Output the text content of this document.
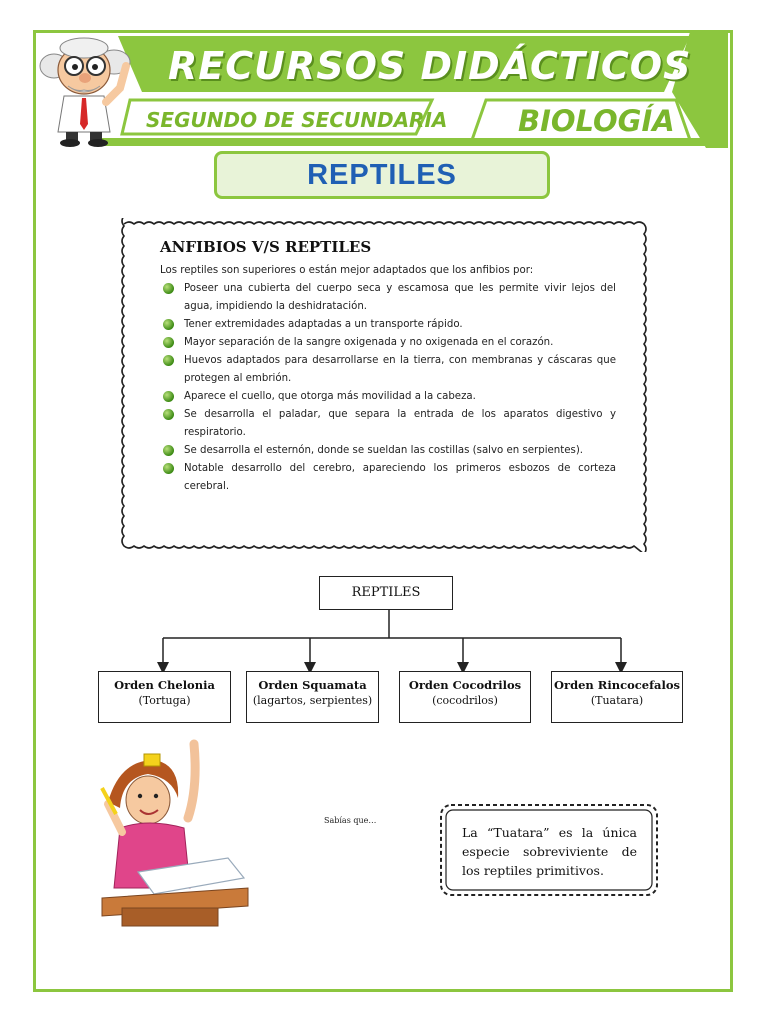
RECURSOS DIDÁCTICOS
SEGUNDO DE SECUNDARIA BIOLOGÍA
REPTILES
ANFIBIOS V/S REPTILES
Los reptiles son superiores o están mejor adaptados que los anfibios por:
Poseer una cubierta del cuerpo seca y escamosa que les permite vivir lejos del agua, impidiendo la deshidratación.
Tener extremidades adaptadas a un transporte rápido.
Mayor separación de la sangre oxigenada y no oxigenada en el corazón.
Huevos adaptados para desarrollarse en la tierra, con membranas y cáscaras que protegen al embrión.
Aparece el cuello, que otorga más movilidad a la cabeza.
Se desarrolla el paladar, que separa la entrada de los aparatos digestivo y respiratorio.
Se desarrolla el esternón, donde se sueldan las costillas (salvo en serpientes).
Notable desarrollo del cerebro, apareciendo los primeros esbozos de corteza cerebral.
REPTILES
Orden Chelonia
(Tortuga)
Orden Squamata
(lagartos, serpientes)
Orden Cocodrilos
(cocodrilos)
Orden Rincocefalos
(Tuatara)
Sabías que…
La “Tuatara” es la única especie sobreviviente de los reptiles primitivos.
